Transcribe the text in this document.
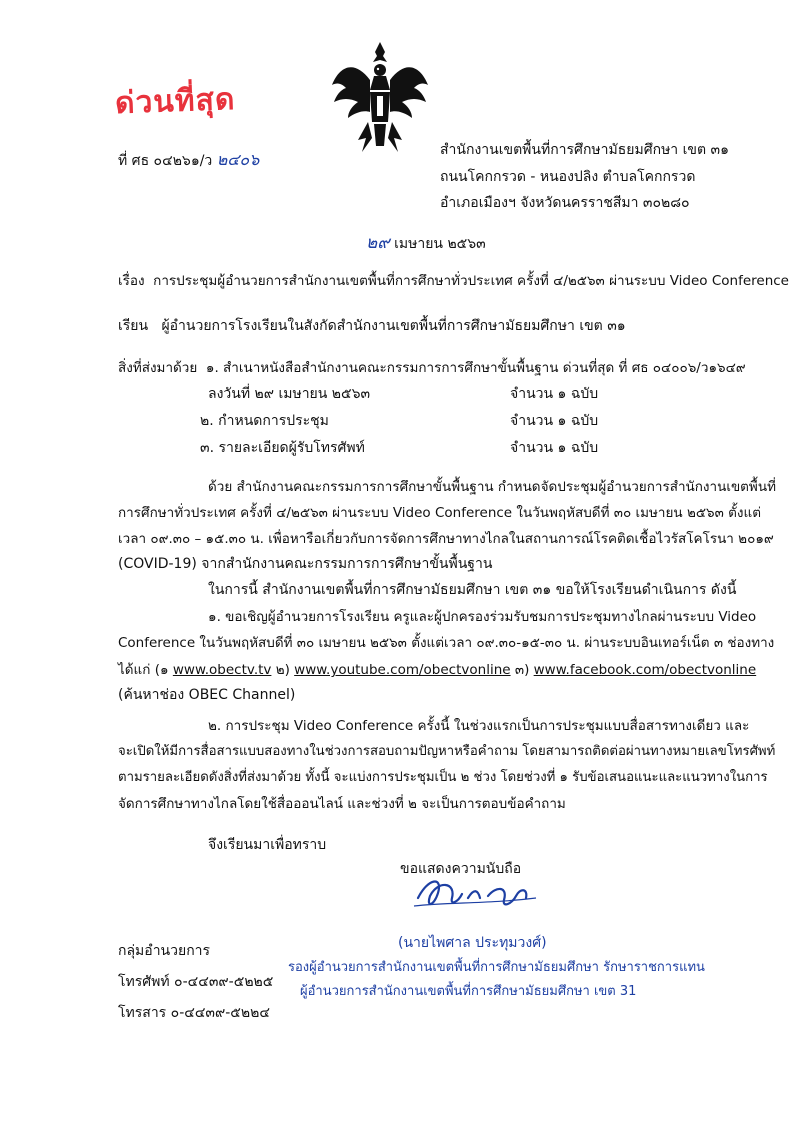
ด่วนที่สุด
ที่ ศธ ๐๔๒๖๑/ว ๒๔๐๖	สำนักงานเขตพื้นที่การศึกษามัธยมศึกษา เขต ๓๑
ถนนโคกกรวด - หนองปลิง ตำบลโคกกรวด
อำเภอเมืองฯ จังหวัดนครราชสีมา ๓๐๒๘๐
๒๙ เมษายน ๒๕๖๓
เรื่อง การประชุมผู้อำนวยการสำนักงานเขตพื้นที่การศึกษาทั่วประเทศ ครั้งที่ ๔/๒๕๖๓ ผ่านระบบ Video Conference
เรียน ผู้อำนวยการโรงเรียนในสังกัดสำนักงานเขตพื้นที่การศึกษามัธยมศึกษา เขต ๓๑
สิ่งที่ส่งมาด้วย ๑. สำเนาหนังสือสำนักงานคณะกรรมการการศึกษาขั้นพื้นฐาน ด่วนที่สุด ที่ ศธ ๐๔๐๐๖/ว๑๖๔๙
ลงวันที่ ๒๙ เมษายน ๒๕๖๓	จำนวน ๑ ฉบับ
๒. กำหนดการประชุม	จำนวน ๑ ฉบับ
๓. รายละเอียดผู้รับโทรศัพท์	จำนวน ๑ ฉบับ
ด้วย สำนักงานคณะกรรมการการศึกษาขั้นพื้นฐาน กำหนดจัดประชุมผู้อำนวยการสำนักงานเขตพื้นที่
การศึกษาทั่วประเทศ ครั้งที่ ๔/๒๕๖๓ ผ่านระบบ Video Conference ในวันพฤหัสบดีที่ ๓๐ เมษายน ๒๕๖๓ ตั้งแต่
เวลา ๐๙.๓๐ – ๑๕.๓๐ น. เพื่อหารือเกี่ยวกับการจัดการศึกษาทางไกลในสถานการณ์โรคติดเชื้อไวรัสโคโรนา ๒๐๑๙
(COVID-19) จากสำนักงานคณะกรรมการการศึกษาขั้นพื้นฐาน
ในการนี้ สำนักงานเขตพื้นที่การศึกษามัธยมศึกษา เขต ๓๑ ขอให้โรงเรียนดำเนินการ ดังนี้
๑. ขอเชิญผู้อำนวยการโรงเรียน ครูและผู้ปกครองร่วมรับชมการประชุมทางไกลผ่านระบบ Video
Conference ในวันพฤหัสบดีที่ ๓๐ เมษายน ๒๕๖๓ ตั้งแต่เวลา ๐๙.๓๐-๑๕-๓๐ น. ผ่านระบบอินเทอร์เน็ต ๓ ช่องทาง
ได้แก่ (๑ www.obectv.tv ๒) www.youtube.com/obectvonline ๓) www.facebook.com/obectvonline
(ค้นหาช่อง OBEC Channel)
๒. การประชุม Video Conference ครั้งนี้ ในช่วงแรกเป็นการประชุมแบบสื่อสารทางเดียว และ
จะเปิดให้มีการสื่อสารแบบสองทางในช่วงการสอบถามปัญหาหรือคำถาม โดยสามารถติดต่อผ่านทางหมายเลขโทรศัพท์
ตามรายละเอียดดังสิ่งที่ส่งมาด้วย ทั้งนี้ จะแบ่งการประชุมเป็น ๒ ช่วง โดยช่วงที่ ๑ รับข้อเสนอแนะและแนวทางในการ
จัดการศึกษาทางไกลโดยใช้สื่อออนไลน์ และช่วงที่ ๒ จะเป็นการตอบข้อคำถาม
จึงเรียนมาเพื่อทราบ
ขอแสดงความนับถือ
(นายไพศาล ประทุมวงศ์)
รองผู้อำนวยการสำนักงานเขตพื้นที่การศึกษามัธยมศึกษา รักษาราชการแทน
ผู้อำนวยการสำนักงานเขตพื้นที่การศึกษามัธยมศึกษา เขต 31
กลุ่มอำนวยการ
โทรศัพท์ ๐-๔๔๓๙-๕๒๒๕
โทรสาร ๐-๔๔๓๙-๕๒๒๔
